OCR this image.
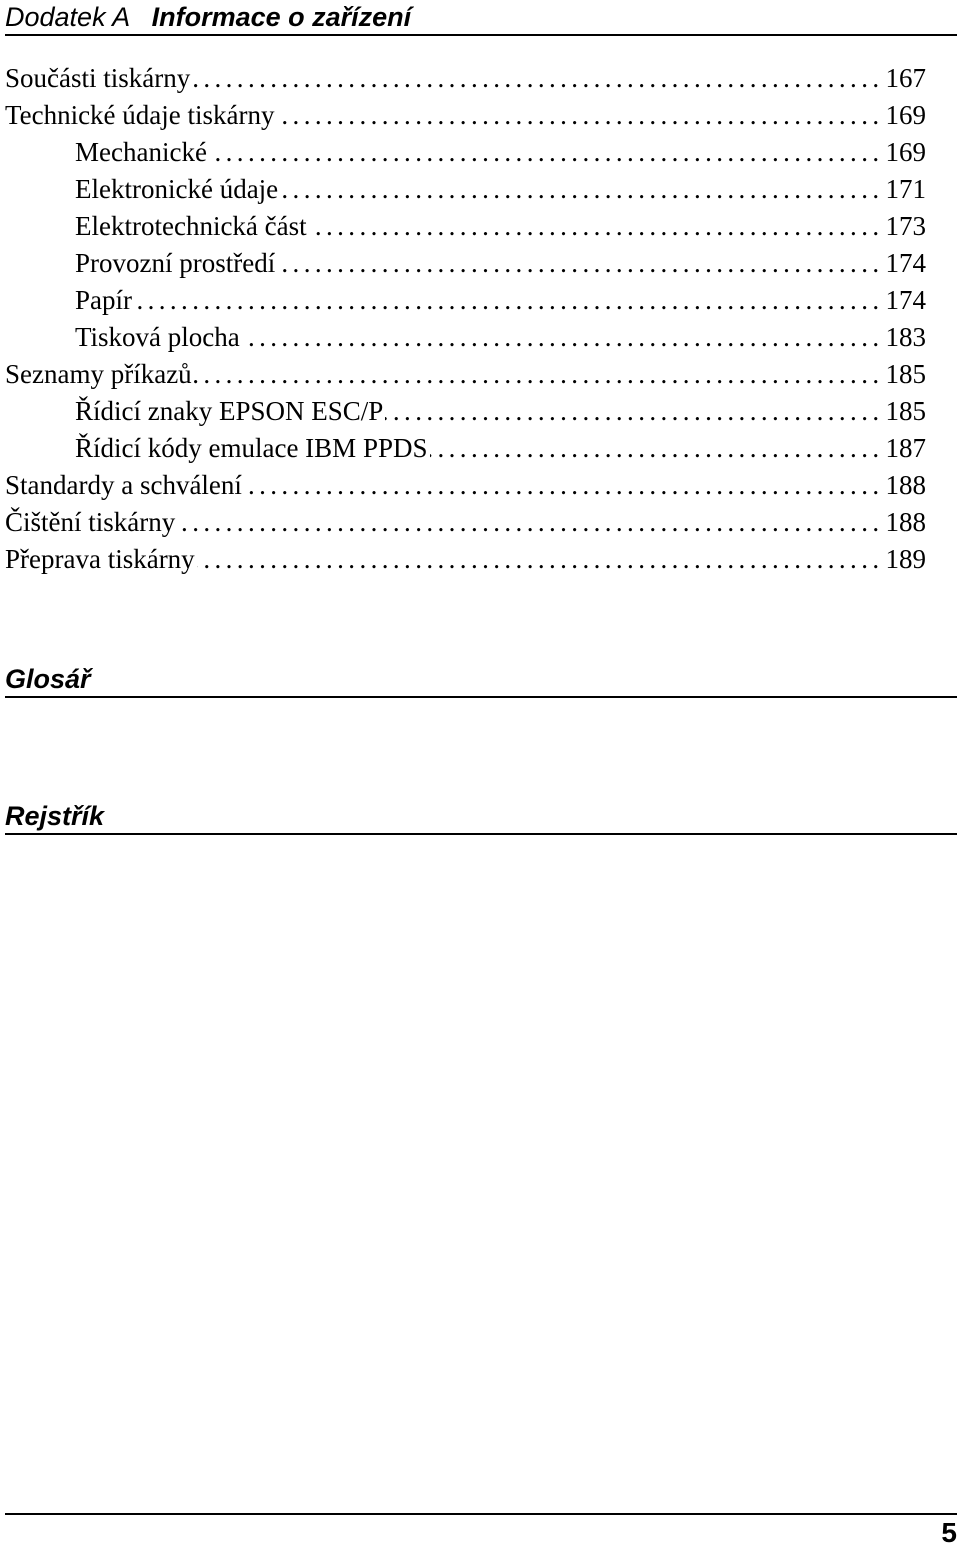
Dodatek A Informace o zařízení
Součásti tiskárny .....	167
Technické údaje tiskárny .....	169
Mechanické .....	169
Elektronické údaje .....	171
Elektrotechnická část .....	173
Provozní prostředí .....	174
Papír .....	174
Tisková plocha .....	183
Seznamy příkazů .....	185
Řídicí znaky EPSON ESC/P .....	185
Řídicí kódy emulace IBM PPDS .....	187
Standardy a schválení .....	188
Čištění tiskárny .....	188
Přeprava tiskárny .....	189
Glosář
Rejstřík
5
